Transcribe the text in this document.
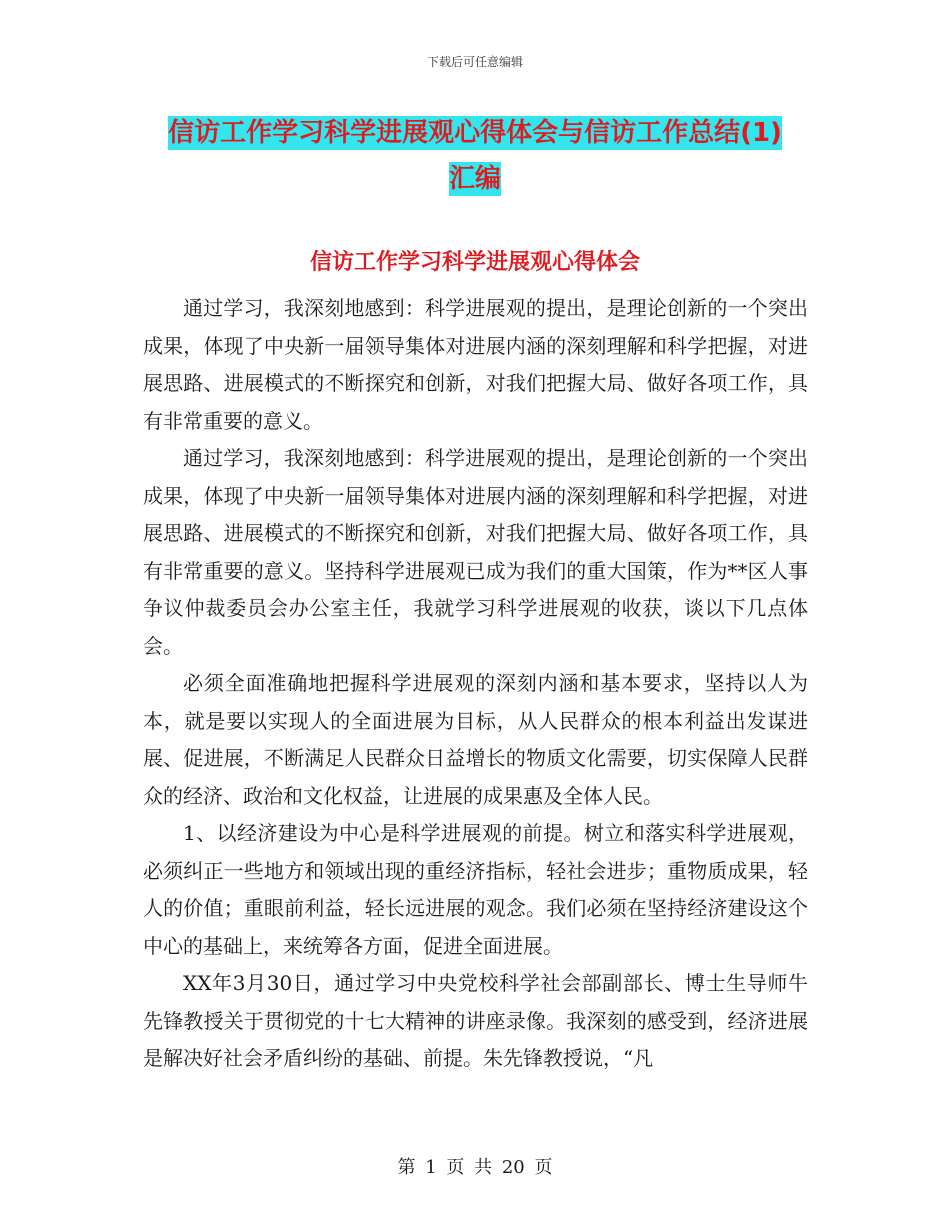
下载后可任意编辑
信访工作学习科学进展观心得体会与信访工作总结(1)
汇编
信访工作学习科学进展观心得体会

通过学习，我深刻地感到：科学进展观的提出，是理论创新的一个突出成果，体现了中央新一届领导集体对进展内涵的深刻理解和科学把握，对进展思路、进展模式的不断探究和创新，对我们把握大局、做好各项工作，具有非常重要的意义。

通过学习，我深刻地感到：科学进展观的提出，是理论创新的一个突出成果，体现了中央新一届领导集体对进展内涵的深刻理解和科学把握，对进展思路、进展模式的不断探究和创新，对我们把握大局、做好各项工作，具有非常重要的意义。坚持科学进展观已成为我们的重大国策，作为**区人事争议仲裁委员会办公室主任，我就学习科学进展观的收获，谈以下几点体会。

必须全面准确地把握科学进展观的深刻内涵和基本要求，坚持以人为本，就是要以实现人的全面进展为目标，从人民群众的根本利益出发谋进展、促进展，不断满足人民群众日益增长的物质文化需要，切实保障人民群众的经济、政治和文化权益，让进展的成果惠及全体人民。

1、以经济建设为中心是科学进展观的前提。树立和落实科学进展观，必须纠正一些地方和领域出现的重经济指标，轻社会进步；重物质成果，轻人的价值；重眼前利益，轻长远进展的观念。我们必须在坚持经济建设这个中心的基础上，来统筹各方面，促进全面进展。

XX年3月30日，通过学习中央党校科学社会部副部长、博士生导师牛先锋教授关于贯彻党的十七大精神的讲座录像。我深刻的感受到，经济进展是解决好社会矛盾纠纷的基础、前提。朱先锋教授说，“凡

第 1 页 共 20 页
